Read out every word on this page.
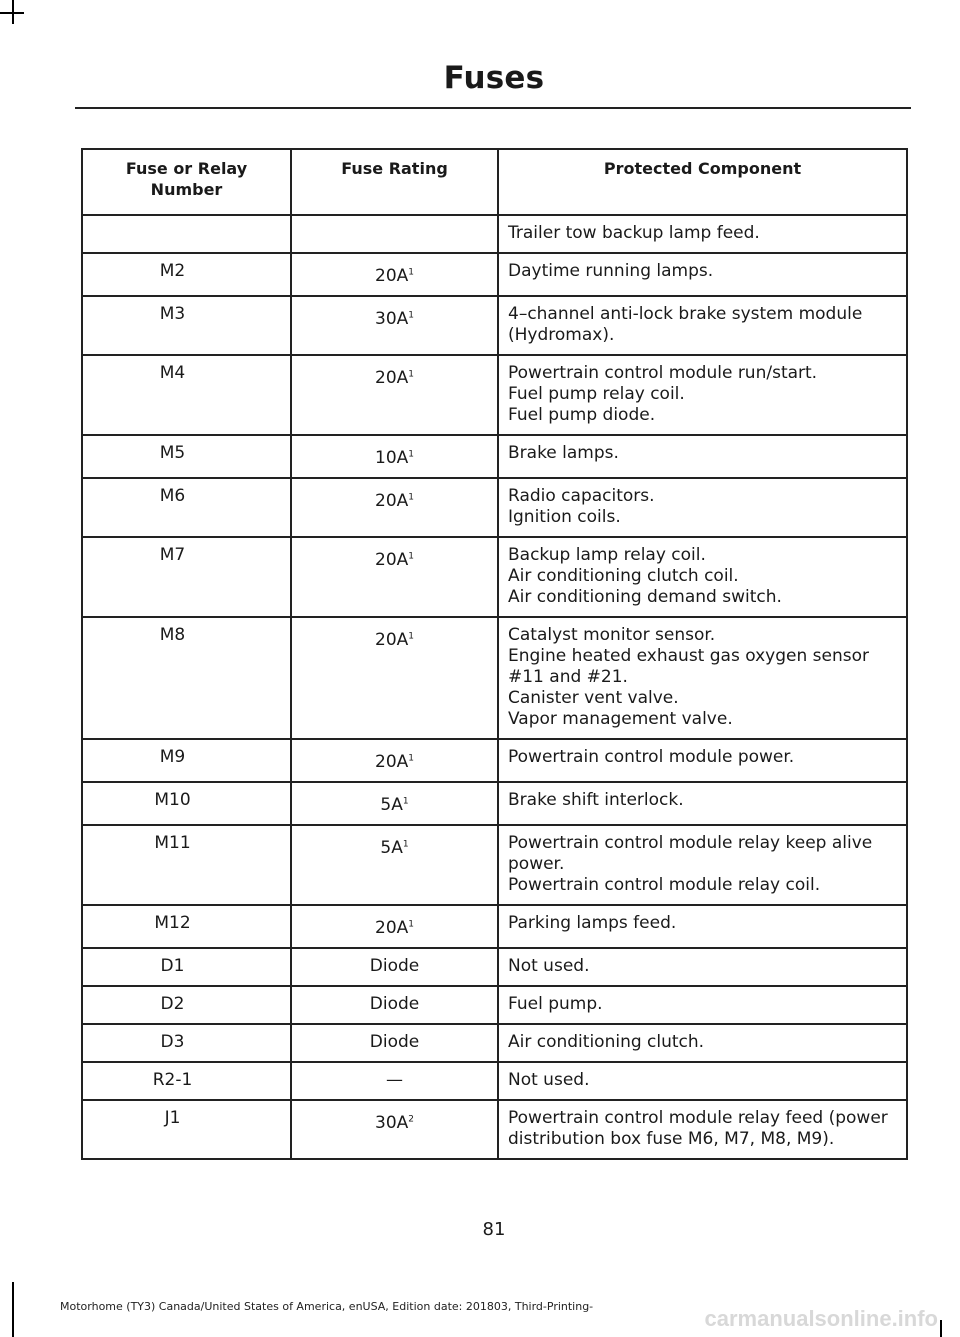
Fuses
Fuse or Relay Number	Fuse Rating	Protected Component

		Trailer tow backup lamp feed.

M2	$20A^1$	Daytime running lamps.

M3	$30A^1$	4–channel anti-lock brake system module (Hydromax).

M4	$20A^1$	Powertrain control module run/start.
Fuel pump relay coil.
Fuel pump diode.

M5	$10A^1$	Brake lamps.

M6	$20A^1$	Radio capacitors.
Ignition coils.

M7	$20A^1$	Backup lamp relay coil.
Air conditioning clutch coil.
Air conditioning demand switch.

M8	$20A^1$	Catalyst monitor sensor.
Engine heated exhaust gas oxygen sensor #11 and #21.
Canister vent valve.
Vapor management valve.

M9	$20A^1$	Powertrain control module power.

M10	$5A^1$	Brake shift interlock.

M11	$5A^1$	Powertrain control module relay keep alive power.
Powertrain control module relay coil.

M12	$20A^1$	Parking lamps feed.

D1	Diode	Not used.

D2	Diode	Fuel pump.

D3	Diode	Air conditioning clutch.

R2-1	—	Not used.

J1	$30A^2$	Powertrain control module relay feed (power distribution box fuse M6, M7, M8, M9).
81
Motorhome (TY3) Canada/United States of America, enUSA, Edition date: 201803, Third-Printing-	carmanualsonline.info
